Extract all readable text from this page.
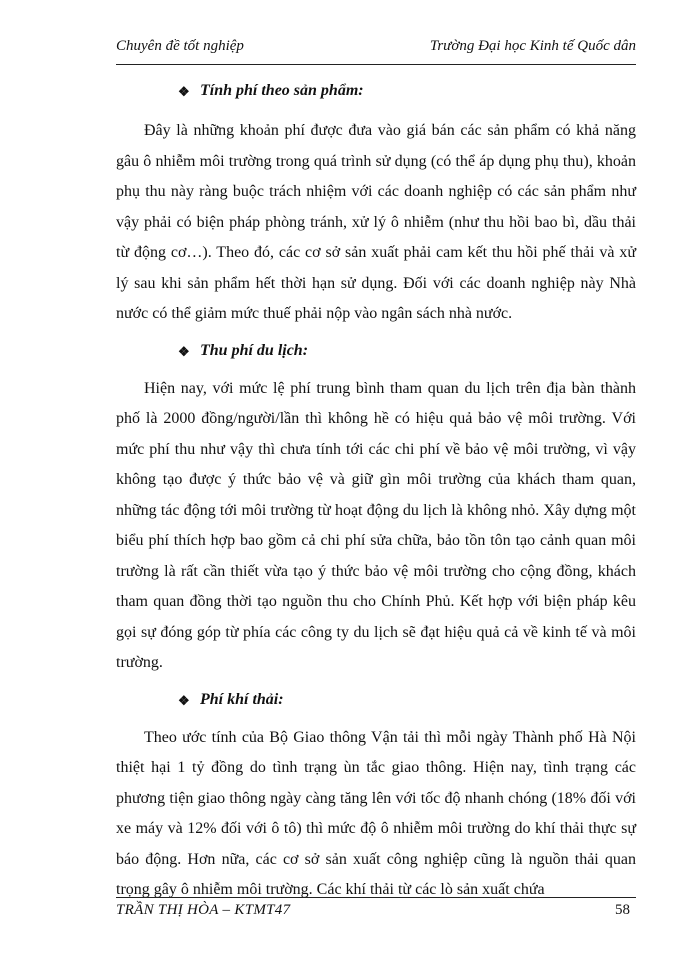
Chuyên đề tốt nghiệp	Trường Đại học Kinh tế Quốc dân
❖ Tính phí theo sản phẩm:

Đây là những khoản phí được đưa vào giá bán các sản phẩm có khả năng gâu ô nhiễm môi trường trong quá trình sử dụng (có thể áp dụng phụ thu), khoản phụ thu này ràng buộc trách nhiệm với các doanh nghiệp có các sản phẩm như vậy phải có biện pháp phòng tránh, xử lý ô nhiễm (như thu hồi bao bì, dầu thải từ động cơ…). Theo đó, các cơ sở sản xuất phải cam kết thu hồi phế thải và xử lý sau khi sản phẩm hết thời hạn sử dụng. Đối với các doanh nghiệp này Nhà nước có thể giảm mức thuế phải nộp vào ngân sách nhà nước.

❖ Thu phí du lịch:

Hiện nay, với mức lệ phí trung bình tham quan du lịch trên địa bàn thành phố là 2000 đồng/người/lần thì không hề có hiệu quả bảo vệ môi trường. Với mức phí thu như vậy thì chưa tính tới các chi phí về bảo vệ môi trường, vì vậy không tạo được ý thức bảo vệ và giữ gìn môi trường của khách tham quan, những tác động tới môi trường từ hoạt động du lịch là không nhỏ. Xây dựng một biểu phí thích hợp bao gồm cả chi phí sửa chữa, bảo tồn tôn tạo cảnh quan môi trường là rất cần thiết vừa tạo ý thức bảo vệ môi trường cho cộng đồng, khách tham quan đồng thời tạo nguồn thu cho Chính Phủ. Kết hợp với biện pháp kêu gọi sự đóng góp từ phía các công ty du lịch sẽ đạt hiệu quả cả về kinh tế và môi trường.

❖ Phí khí thải:

Theo ước tính của Bộ Giao thông Vận tải thì mỗi ngày Thành phố Hà Nội thiệt hại 1 tỷ đồng do tình trạng ùn tắc giao thông. Hiện nay, tình trạng các phương tiện giao thông ngày càng tăng lên với tốc độ nhanh chóng (18% đối với xe máy và 12% đối với ô tô) thì mức độ ô nhiễm môi trường do khí thải thực sự báo động. Hơn nữa, các cơ sở sản xuất công nghiệp cũng là nguồn thải quan trọng gây ô nhiễm môi trường. Các khí thải từ các lò sản xuất chứa

TRẦN THỊ HÒA – KTMT47	58
